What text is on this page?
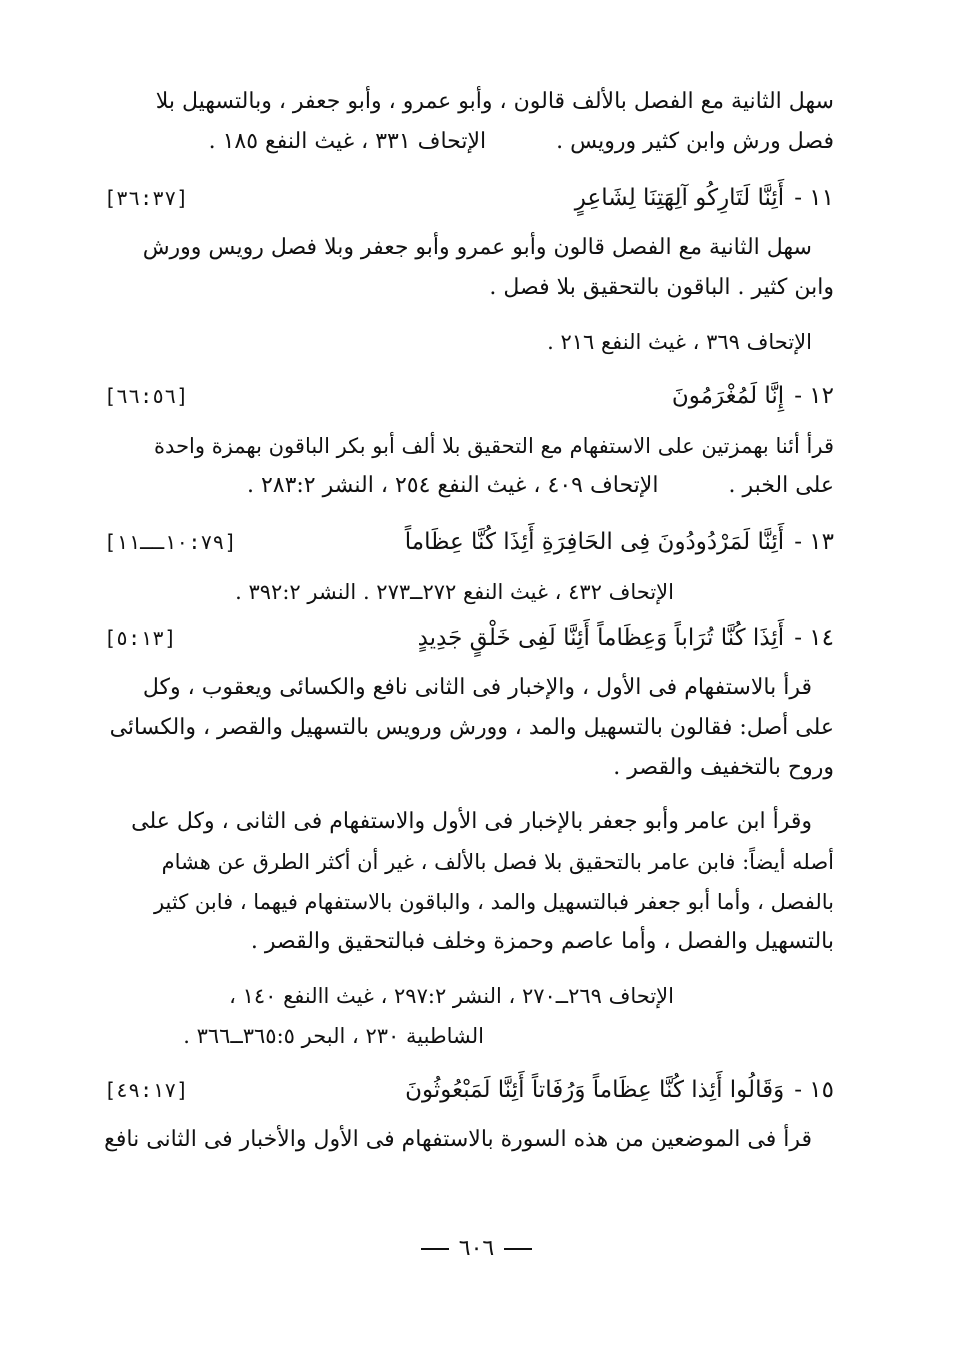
سهل الثانية مع الفصل بالألف قالون ، وأبو عمرو ، وأبو جعفر ، وبالتسهيل بلا
فصل ورش وابن كثير ورويس .الإتحاف ٣٣١ ، غيث النفع ١٨٥ .
١١ -أَئِنَّا لَتَارِكُو آلِهَتِنَا لِشَاعِرٍ
[٣٦:٣٧]
سهل الثانية مع الفصل قالون وأبو عمرو وأبو جعفر وبلا فصل رويس وورش
وابن كثير . الباقون بالتحقيق بلا فصل .
الإتحاف ٣٦٩ ، غيث النفع ٢١٦ .
١٢ -إِنَّا لَمُغْرَمُونَ
[٦٦:٥٦]
قرأ أئنا بهمزتين على الاستفهام مع التحقيق بلا ألف أبو بكر الباقون بهمزة واحدة
على الخبر .الإتحاف ٤٠٩ ، غيث النفع ٢٥٤ ، النشر ٢٨٣:٢ .
١٣ -أَئِنَّا لَمَرْدُودُونَ فِى الحَافِرَةِ أَئِذَا كُنَّا عِظَاماً
[١٠:٧٩ــ١١]
الإتحاف ٤٣٢ ، غيث النفع ٢٧٢ــ٢٧٣ . النشر ٣٩٢:٢ .
١٤ -أَئِذَا كُنَّا تُرَاباً وَعِظَاماً أَئِنَّا لَفِى خَلْقٍ جَدِيدٍ
[٥:١٣]
قرأ بالاستفهام فى الأول ، والإخبار فى الثانى نافع والكسائى ويعقوب ، وكل
على أصل: فقالون بالتسهيل والمد ، وورش ورويس بالتسهيل والقصر ، والكسائى
وروح بالتخفيف والقصر .
وقرأ ابن عامر وأبو جعفر بالإخبار فى الأول والاستفهام فى الثانى ، وكل على
أصله أيضاً: فابن عامر بالتحقيق بلا فصل بالألف ، غير أن أكثر الطرق عن هشام
بالفصل ، وأما أبو جعفر فبالتسهيل والمد ، والباقون بالاستفهام فيهما ، فابن كثير
بالتسهيل والفصل ، وأما عاصم وحمزة وخلف فبالتحقيق والقصر .
الإتحاف ٢٦٩ــ٢٧٠ ، النشر ٢٩٧:٢ ، غيث االنفع ١٤٠ ،
الشاطبية ٢٣٠ ، البحر ٣٦٥:٥ــ٣٦٦ .
١٥ -وَقَالُوا أَئِذا كُنَّا عِظَاماً وَرُفَاتاً أَئِنَّا لَمَبْعُوثُونَ
[٤٩:١٧]
قرأ فى الموضعين من هذه السورة بالاستفهام فى الأول والأخبار فى الثانى نافع
٦٠٦
